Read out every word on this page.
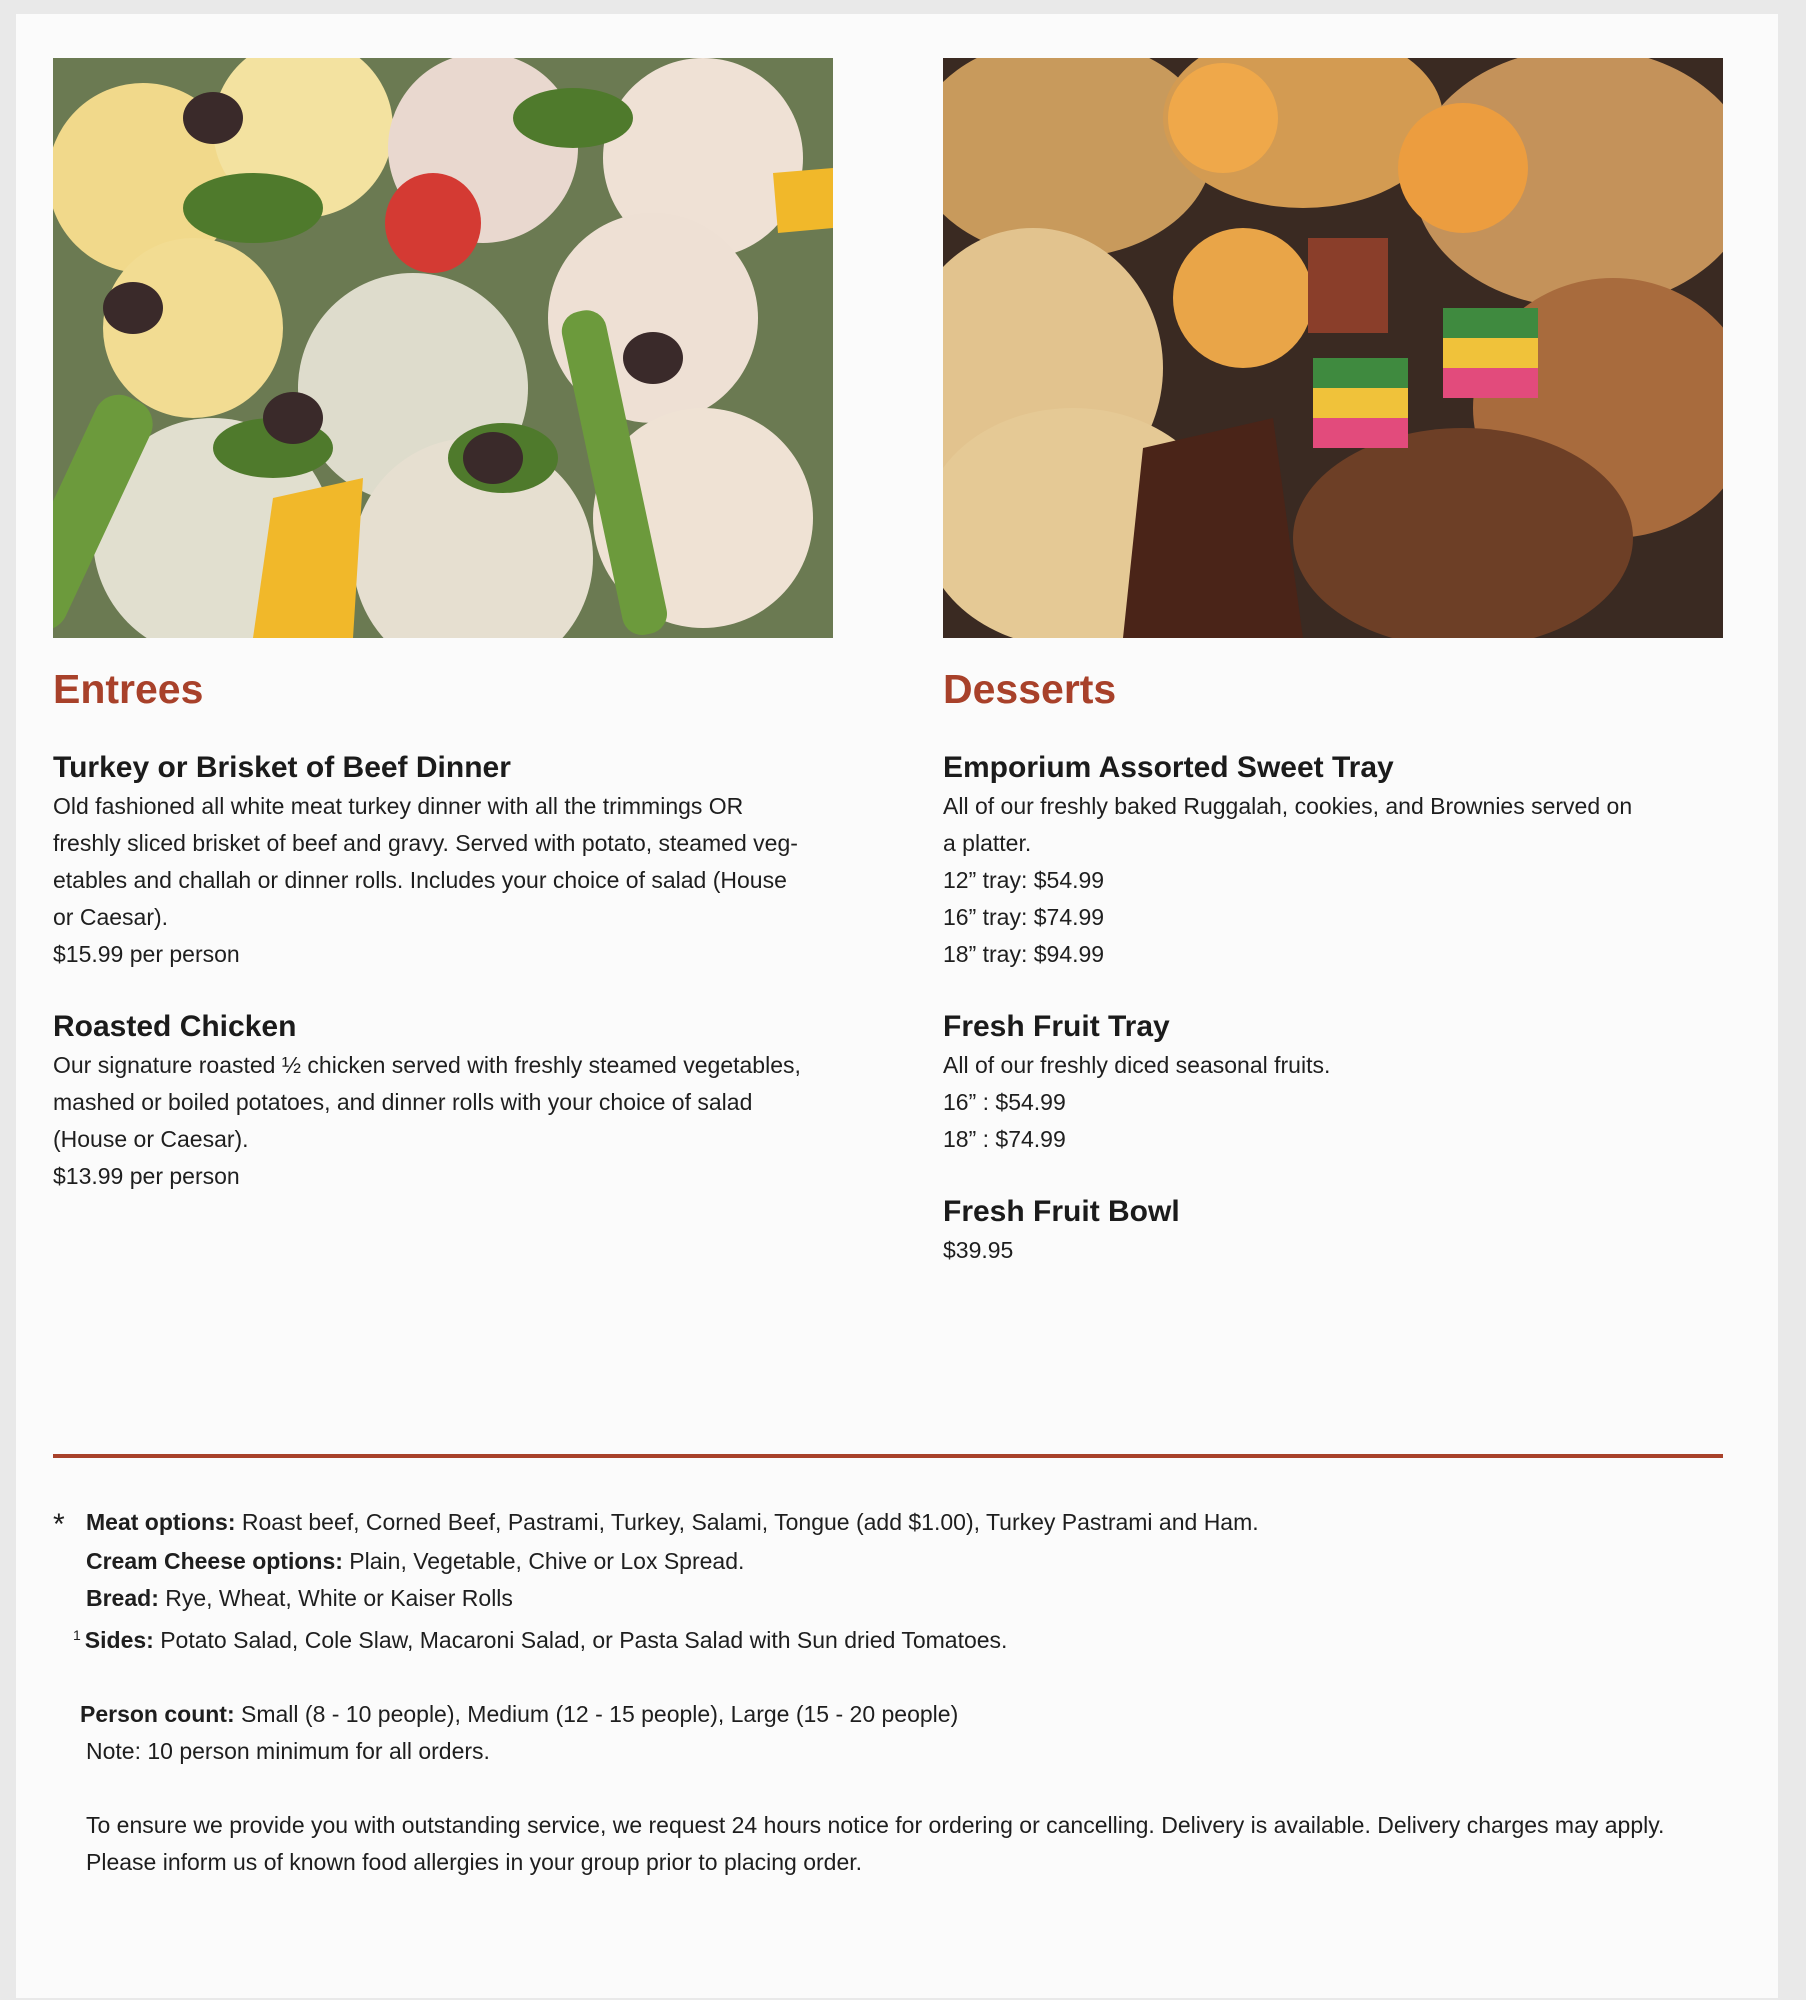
Entrees

Turkey or Brisket of Beef Dinner

Old fashioned all white meat turkey dinner with all the trimmings OR

freshly sliced brisket of beef and gravy. Served with potato, steamed veg-

etables and challah or dinner rolls. Includes your choice of salad (House

or Caesar).

$15.99 per person

Roasted Chicken

Our signature roasted ½ chicken served with freshly steamed vegetables,

mashed or boiled potatoes, and dinner rolls with your choice of salad

(House or Caesar).

$13.99 per person

Desserts

Emporium Assorted Sweet Tray

All of our freshly baked Ruggalah, cookies, and Brownies served on

a platter.

12” tray: $54.99

16” tray: $74.99

18” tray: $94.99

Fresh Fruit Tray

All of our freshly diced seasonal fruits.

16” : $54.99

18” : $74.99

Fresh Fruit Bowl

$39.95

* Meat options: Roast beef, Corned Beef, Pastrami, Turkey, Salami, Tongue (add $1.00), Turkey Pastrami and Ham.

Cream Cheese options: Plain, Vegetable, Chive or Lox Spread.

Bread: Rye, Wheat, White or Kaiser Rolls

$^1$ Sides: Potato Salad, Cole Slaw, Macaroni Salad, or Pasta Salad with Sun dried Tomatoes.

Person count: Small (8 - 10 people), Medium (12 - 15 people), Large (15 - 20 people)

Note: 10 person minimum for all orders.

To ensure we provide you with outstanding service, we request 24 hours notice for ordering or cancelling. Delivery is available. Delivery charges may apply.

Please inform us of known food allergies in your group prior to placing order.
